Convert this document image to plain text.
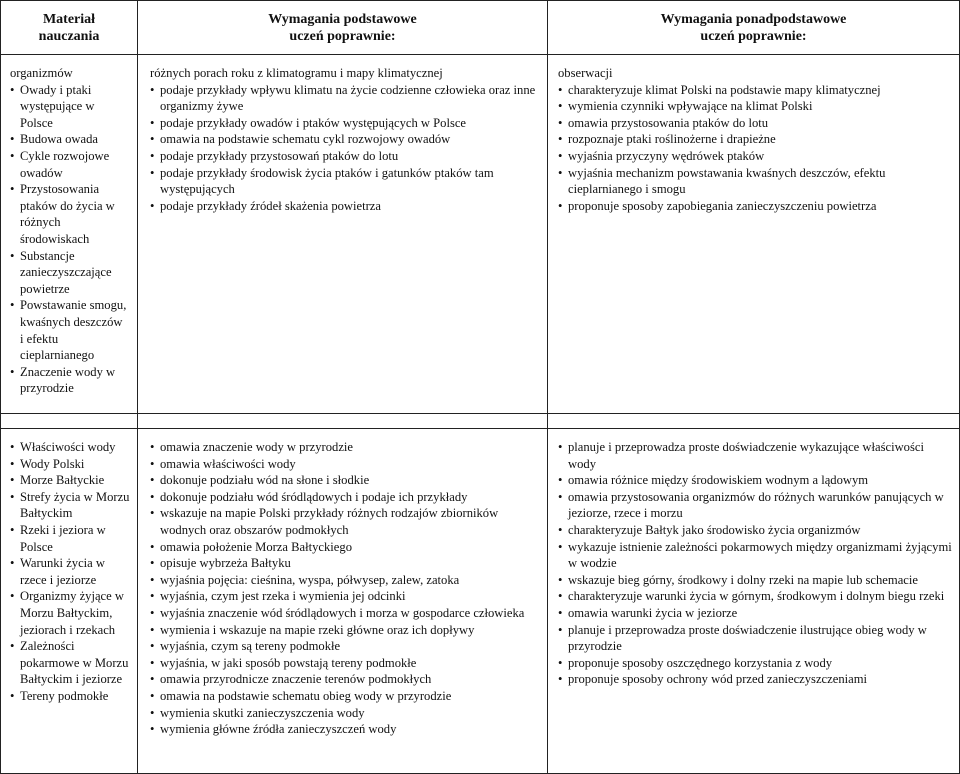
Materiał
nauczania
Wymagania podstawowe
uczeń poprawnie:
Wymagania ponadpodstawowe
uczeń poprawnie:
organizmów
• Owady i ptaki występujące w Polsce
• Budowa owada
• Cykle rozwojowe owadów
• Przystosowania ptaków do życia w różnych środowiskach
• Substancje zanieczyszczające powietrze
• Powstawanie smogu, kwaśnych deszczów i efektu cieplarnianego
• Znaczenie wody w przyrodzie
różnych porach roku z klimatogramu i mapy klimatycznej
• podaje przykłady wpływu klimatu na życie codzienne człowieka oraz inne organizmy żywe
• podaje przykłady owadów i ptaków występujących w Polsce
• omawia na podstawie schematu cykl rozwojowy owadów
• podaje przykłady przystosowań ptaków do lotu
• podaje przykłady środowisk życia ptaków i gatunków ptaków tam występujących
• podaje przykłady źródeł skażenia powietrza
obserwacji
• charakteryzuje klimat Polski na podstawie mapy klimatycznej
• wymienia czynniki wpływające na klimat Polski
• omawia przystosowania ptaków do lotu
• rozpoznaje ptaki roślinożerne i drapieżne
• wyjaśnia przyczyny wędrówek ptaków
• wyjaśnia mechanizm powstawania kwaśnych deszczów, efektu cieplarnianego i smogu
• proponuje sposoby zapobiegania zanieczyszczeniu powietrza
• Właściwości wody
• Wody Polski
• Morze Bałtyckie
• Strefy życia w Morzu Bałtyckim
• Rzeki i jeziora w Polsce
• Warunki życia w rzece i jeziorze
• Organizmy żyjące w Morzu Bałtyckim, jeziorach i rzekach
• Zależności pokarmowe w Morzu Bałtyckim i jeziorze
• Tereny podmokłe
• omawia znaczenie wody w przyrodzie
• omawia właściwości wody
• dokonuje podziału wód na słone i słodkie
• dokonuje podziału wód śródlądowych i podaje ich przykłady
• wskazuje na mapie Polski przykłady różnych rodzajów zbiorników wodnych oraz obszarów podmokłych
• omawia położenie Morza Bałtyckiego
• opisuje wybrzeża Bałtyku
• wyjaśnia pojęcia: cieśnina, wyspa, półwysep, zalew, zatoka
• wyjaśnia, czym jest rzeka i wymienia jej odcinki
• wyjaśnia znaczenie wód śródlądowych i morza w gospodarce człowieka
• wymienia i wskazuje na mapie rzeki główne oraz ich dopływy
• wyjaśnia, czym są tereny podmokłe
• wyjaśnia, w jaki sposób powstają tereny podmokłe
• omawia przyrodnicze znaczenie terenów podmokłych
• omawia na podstawie schematu obieg wody w przyrodzie
• wymienia skutki zanieczyszczenia wody
• wymienia główne źródła zanieczyszczeń wody
• planuje i przeprowadza proste doświadczenie wykazujące właściwości wody
• omawia różnice między środowiskiem wodnym a lądowym
• omawia przystosowania organizmów do różnych warunków panujących w jeziorze, rzece i morzu
• charakteryzuje Bałtyk jako środowisko życia organizmów
• wykazuje istnienie zależności pokarmowych między organizmami żyjącymi w wodzie
• wskazuje bieg górny, środkowy i dolny rzeki na mapie lub schemacie
• charakteryzuje warunki życia w górnym, środkowym i dolnym biegu rzeki
• omawia warunki życia w jeziorze
• planuje i przeprowadza proste doświadczenie ilustrujące obieg wody w przyrodzie
• proponuje sposoby oszczędnego korzystania z wody
• proponuje sposoby ochrony wód przed zanieczyszczeniami
